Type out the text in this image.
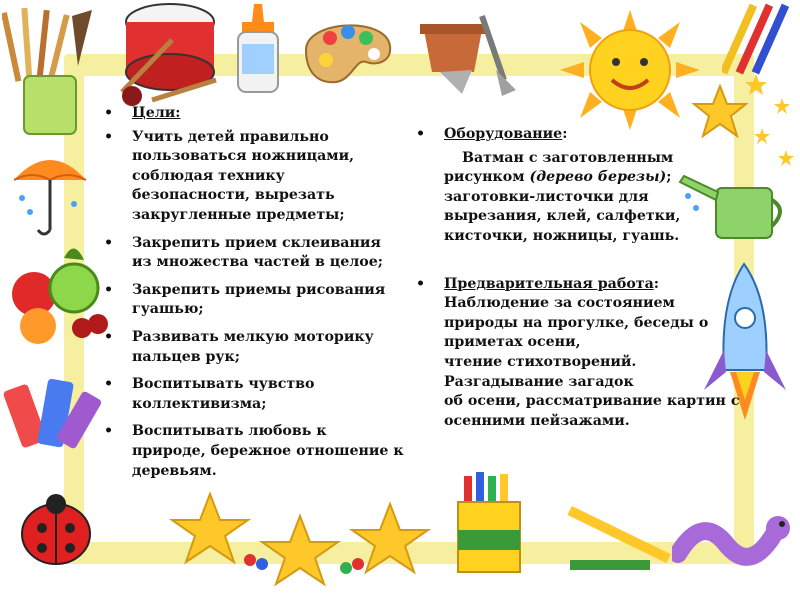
• Цели:
• Учить детей правильно пользоваться ножницами, соблюдая технику безопасности, вырезать закругленные предметы;
• Закрепить прием склеивания из множества частей в целое;
• Закрепить приемы рисования гуашью;
• Развивать мелкую моторику пальцев рук;
• Воспитывать чувство коллективизма;
• Воспитывать любовь к природе, бережное отношение к деревьям.
• Оборудование:

Ватман с заготовленным рисунком (дерево березы); заготовки-листочки для вырезания, клей, салфетки, кисточки, ножницы, гуашь.

• Предварительная работа:

Наблюдение за состоянием природы на прогулке, беседы о приметах осени,

чтение стихотворений.

Разгадывание загадок

об осени, рассматривание картин с осенними пейзажами.
